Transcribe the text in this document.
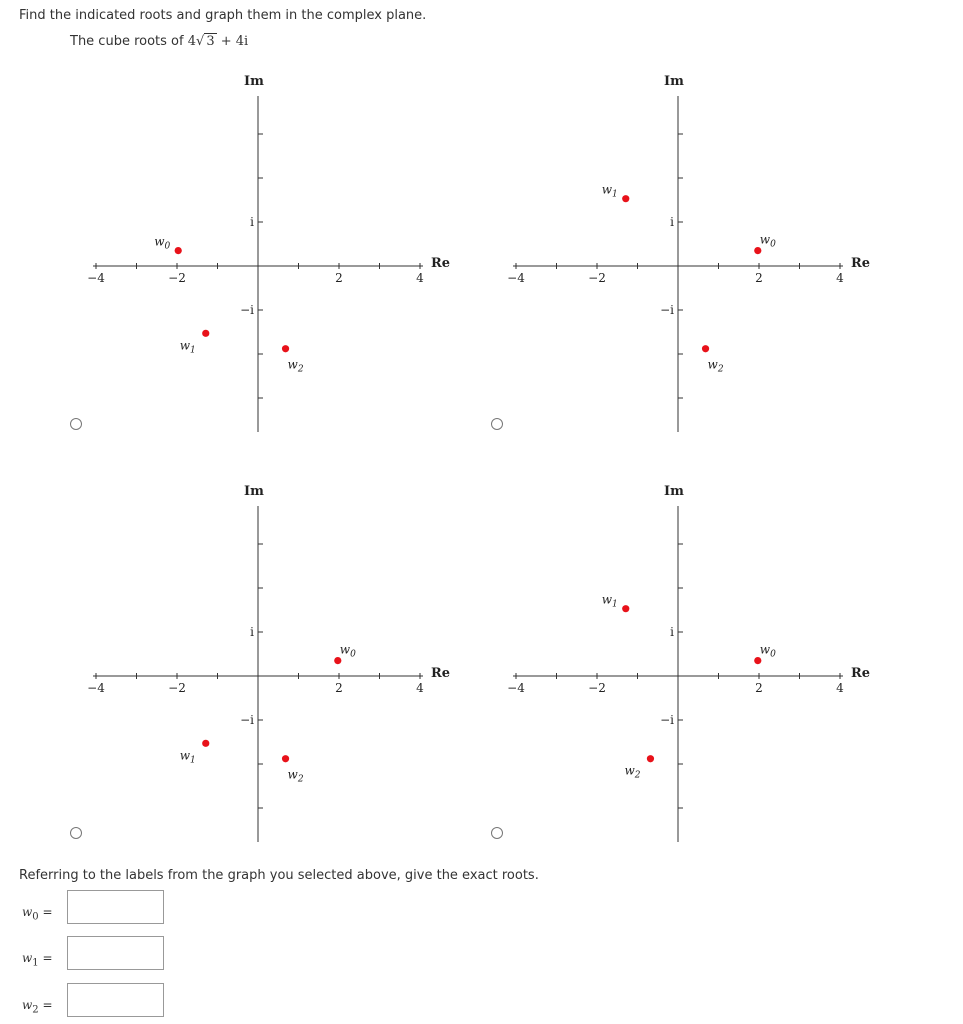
Find the indicated roots and graph them in the complex plane.
The cube roots of 4√ 3 + 4i
−4	−2	2	4
i
−i
Re
Im
$w_0$
$w_1$
$w_2$
−4	−2	2	4
i
−i
Re
Im
$w_0$
$w_1$
$w_2$
−4	−2	2	4
i
−i
Re
Im
$w_0$
$w_1$
$w_2$
−4	−2	2	4
i
−i
Re
Im
$w_0$
$w_1$
$w_2$
Referring to the labels from the graph you selected above, give the exact roots.
$w_0$ =
$w_1$ =
$w_2$ =
